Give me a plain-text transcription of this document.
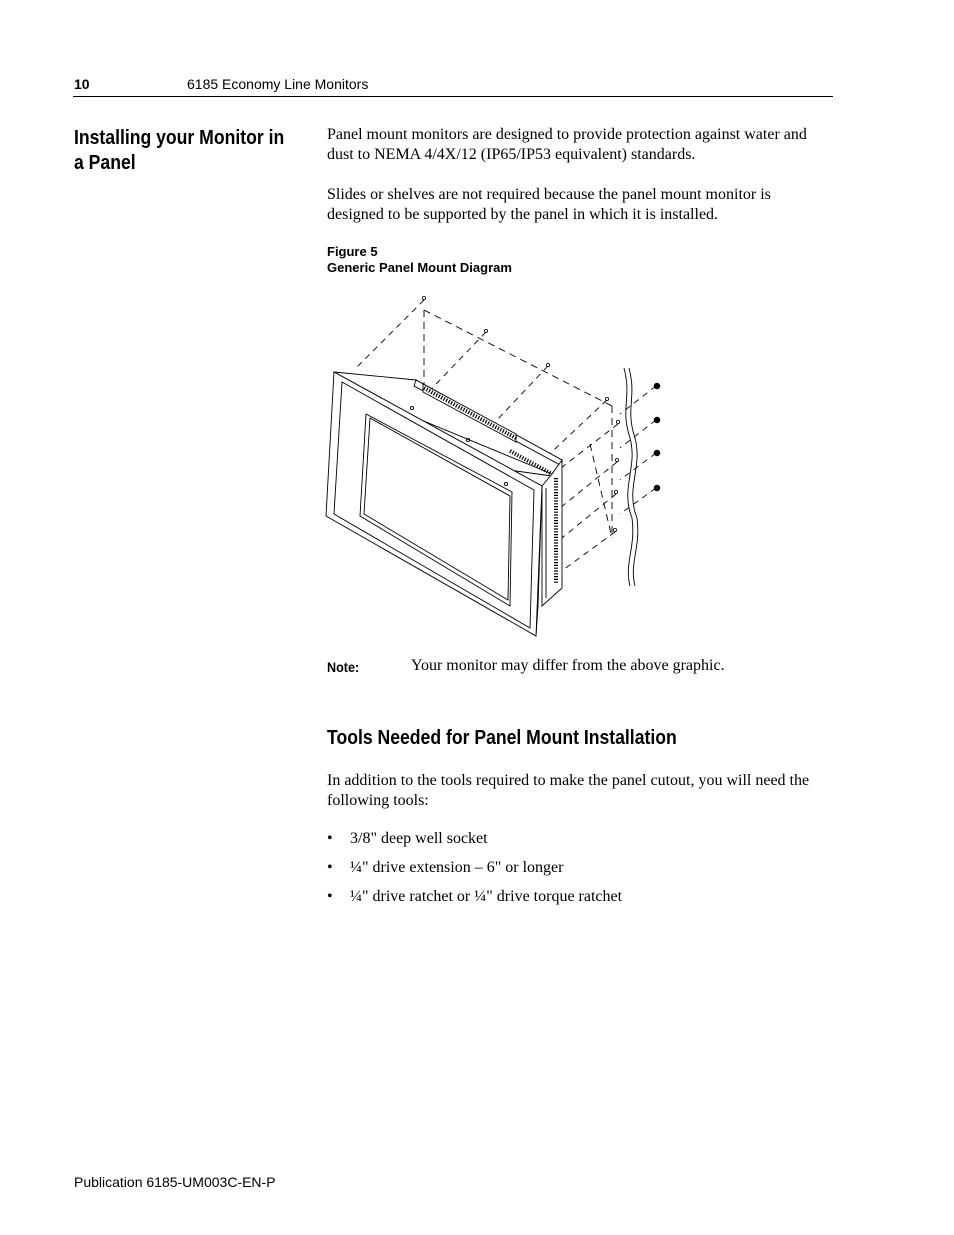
10	6185 Economy Line Monitors
Installing your Monitor in a Panel

Panel mount monitors are designed to provide protection against water and dust to NEMA 4/4X/12 (IP65/IP53 equivalent) standards.

Slides or shelves are not required because the panel mount monitor is designed to be supported by the panel in which it is installed.

Figure 5
Generic Panel Mount Diagram
Note:	Your monitor may differ from the above graphic.
Tools Needed for Panel Mount Installation

In addition to the tools required to make the panel cutout, you will need the following tools:

•	3/8" deep well socket
•	¼" drive extension – 6" or longer
•	¼" drive ratchet or ¼" drive torque ratchet
Publication 6185-UM003C-EN-P
